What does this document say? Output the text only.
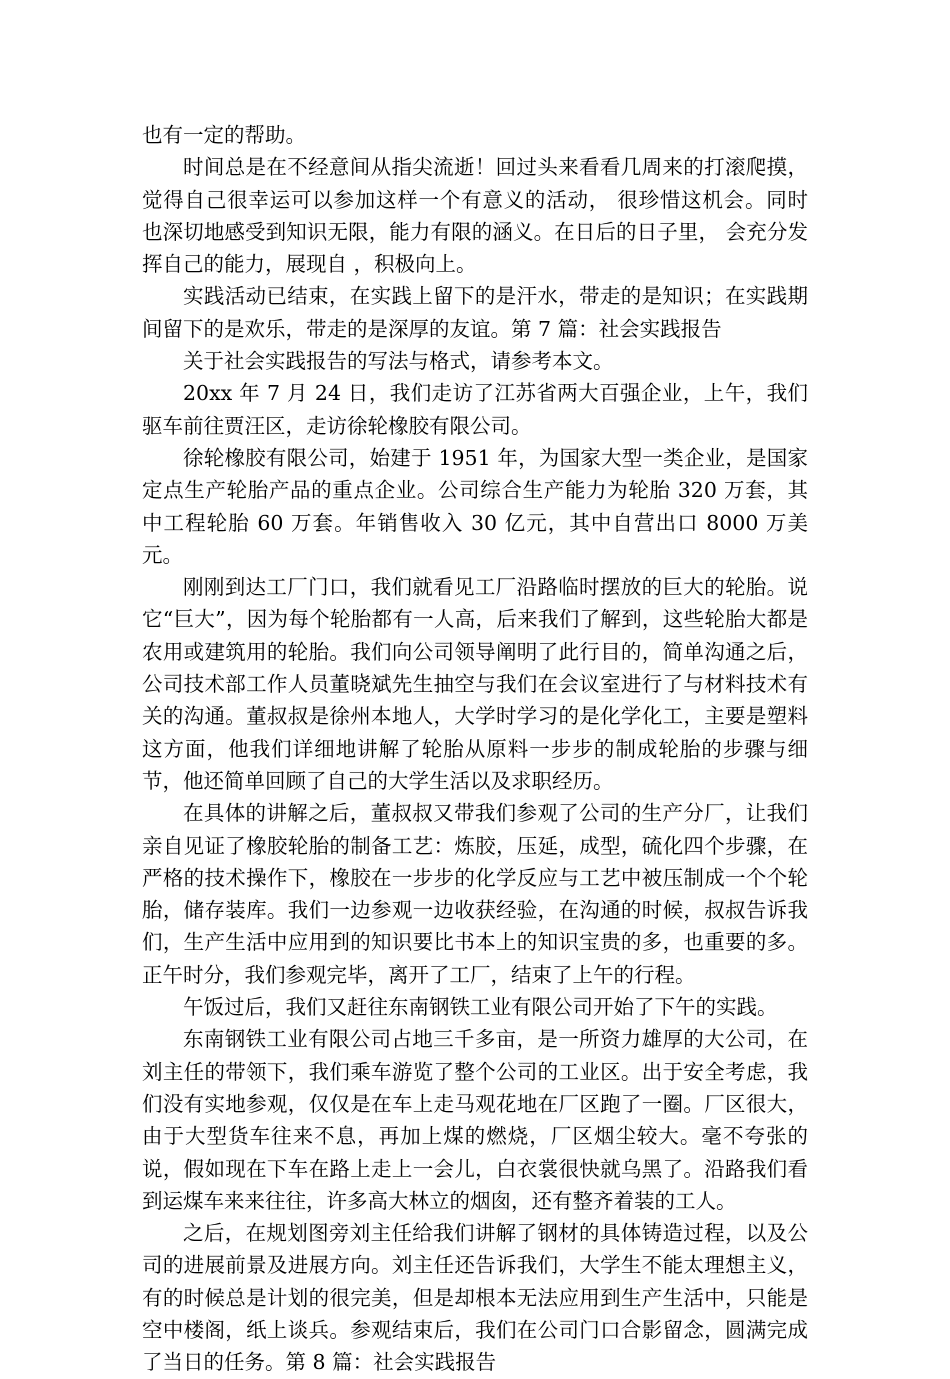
也有一定的帮助。

时间总是在不经意间从指尖流逝！回过头来看看几周来的打滚爬摸， 觉得自己很幸运可以参加这样一个有意义的活动， 很珍惜这机会。同时 也深切地感受到知识无限，能力有限的涵义。在日后的日子里， 会充分发挥自己的能力，展现自 ，积极向上。

实践活动已结束，在实践上留下的是汗水，带走的是知识；在实践期间留下的是欢乐，带走的是深厚的友谊。第 7 篇：社会实践报告

关于社会实践报告的写法与格式，请参考本文。

20xx 年 7 月 24 日，我们走访了江苏省两大百强企业，上午，我们驱车前往贾汪区，走访徐轮橡胶有限公司。

徐轮橡胶有限公司，始建于 1951 年，为国家大型一类企业，是国家定点生产轮胎产品的重点企业。公司综合生产能力为轮胎 320 万套，其中工程轮胎 60 万套。年销售收入 30 亿元，其中自营出口 8000 万美元。

刚刚到达工厂门口，我们就看见工厂沿路临时摆放的巨大的轮胎。说它“巨大”，因为每个轮胎都有一人高，后来我们了解到，这些轮胎大都是农用或建筑用的轮胎。我们向公司领导阐明了此行目的，简单沟通之后，公司技术部工作人员董晓斌先生抽空与我们在会议室进行了与材料技术有关的沟通。董叔叔是徐州本地人，大学时学习的是化学化工，主要是塑料这方面，他我们详细地讲解了轮胎从原料一步步的制成轮胎的步骤与细节，他还简单回顾了自己的大学生活以及求职经历。

在具体的讲解之后，董叔叔又带我们参观了公司的生产分厂，让我们亲自见证了橡胶轮胎的制备工艺：炼胶，压延，成型，硫化四个步骤，在严格的技术操作下，橡胶在一步步的化学反应与工艺中被压制成一个个轮胎，储存装库。我们一边参观一边收获经验，在沟通的时候，叔叔告诉我们，生产生活中应用到的知识要比书本上的知识宝贵的多，也重要的多。正午时分，我们参观完毕，离开了工厂，结束了上午的行程。

午饭过后，我们又赶往东南钢铁工业有限公司开始了下午的实践。

东南钢铁工业有限公司占地三千多亩，是一所资力雄厚的大公司，在刘主任的带领下，我们乘车游览了整个公司的工业区。出于安全考虑，我们没有实地参观，仅仅是在车上走马观花地在厂区跑了一圈。厂区很大，由于大型货车往来不息，再加上煤的燃烧，厂区烟尘较大。毫不夸张的说，假如现在下车在路上走上一会儿，白衣裳很快就乌黑了。沿路我们看到运煤车来来往往，许多高大林立的烟囱，还有整齐着装的工人。

之后，在规划图旁刘主任给我们讲解了钢材的具体铸造过程，以及公司的进展前景及进展方向。刘主任还告诉我们，大学生不能太理想主义，有的时候总是计划的很完美，但是却根本无法应用到生产生活中，只能是空中楼阁，纸上谈兵。参观结束后，我们在公司门口合影留念，圆满完成了当日的任务。第 8 篇：社会实践报告
